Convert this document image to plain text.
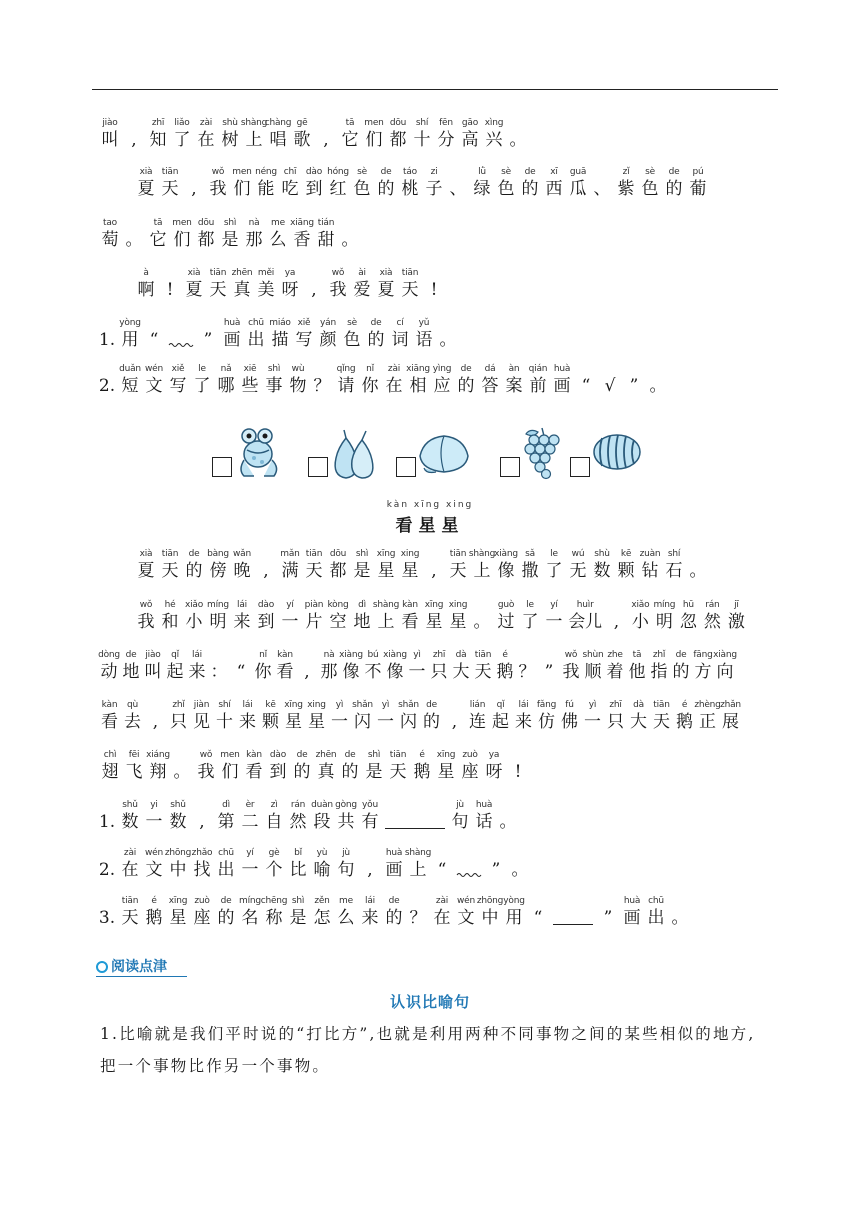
jiào
叫 ,
zhī
知
liǎo
了
zài
在
shù
树
shàng
上
chàng
唱
gē
歌 ,
tā
它
men
们
dōu
都
shí
十
fēn
分
gāo
高
xìng
兴 。
xià
夏
tiān
天 ,
wǒ
我
men
们
néng
能
chī
吃
dào
到
hóng
红
sè
色
de
的
táo
桃
zi
子 、
lǜ
绿
sè
色
de
的
xī
西
guā
瓜 、
zǐ
紫
sè
色
de
的
pú
葡
tao
萄 。
tā
它
men
们
dōu
都
shì
是
nà
那
me
么
xiāng
香
tián
甜 。
à
啊 !
xià
夏
tiān
天
zhēn
真
měi
美
ya
呀 ,
wǒ
我
ài
爱
xià
夏
tiān
天 !
1.
yòng
用 “	”
huà
画
chū
出
miáo
描
xiě
写
yán
颜
sè
色
de
的
cí
词
yǔ
语 。
2.
duǎn
短
wén
文
xiě
写
le
了
nǎ
哪
xiē
些
shì
事
wù
物 ？
qǐng
请
nǐ
你
zài
在
xiāng
相
yìng
应
de
的
dá
答
àn
案
qián
前
huà
画 “ √ ” 。
xià
夏
tiān
天
de
的
bàng
傍
wǎn
晚 ,
mǎn
满
tiān
天
dōu
都
shì
是
xīng
星
xing
星 ,
tiān
天
shàng
上
xiàng
像
sǎ
撒
le
了
wú
无
shù
数
kē
颗
zuàn
钻
shí
石 。
wǒ
我
hé
和
xiǎo
小
míng
明
lái
来
dào
到
yí
一
piàn
片
kòng
空
dì
地
shàng
上
kàn
看
xīng
星
xing
星 。
guò
过
le
了
yí
一
huìr
会儿 ,
xiǎo
小
míng
明
hū
忽
rán
然
jī
激
dòng
动
de
地
jiào
叫
qǐ
起
lái
来 ： “
nǐ
你
kàn
看 ,
nà
那
xiàng
像
bú
不
xiàng
像
yì
一
zhī
只
dà
大
tiān
天
é
鹅 ？ ”
wǒ
我
shùn
顺
zhe
着
tā
他
zhǐ
指
de
的
fāng
方
xiàng
向
kàn
看
qù
去 ,
zhǐ
只
jiàn
见
shí
十
lái
来
kē
颗
xīng
星
xing
星
yì
一
shǎn
闪
yì
一
shǎn
闪
de
的 ,
lián
连
qǐ
起
lái
来
fǎng
仿
fú
佛
yì
一
zhī
只
dà
大
tiān
天
é
鹅
zhèng
正
zhǎn
展
chì
翅
fēi
飞
xiáng
翔 。
wǒ
我
men
们
kàn
看
dào
到
de
的
zhēn
真
de
的
shì
是
tiān
天
é
鹅
xīng
星
zuò
座
ya
呀 !
1.
shǔ
数
yi
一
shǔ
数 ,
dì
第
èr
二
zì
自
rán
然
duàn
段
gòng
共
yǒu
有
jù
句
huà
话 。
2.
zài
在
wén
文
zhōng
中
zhǎo
找
chū
出
yí
一
gè
个
bǐ
比
yù
喻
jù
句 ,
huà
画
shàng
上 “	” 。
3.
tiān
天
é
鹅
xīng
星
zuò
座
de
的
míng
名
chēng
称
shì
是
zěn
怎
me
么
lái
来
de
的 ？
zài
在
wén
文
zhōng
中
yòng
用 “	”
huà
画
chū
出 。
kàn xīng xing
看星星
阅读点津
认识比喻句
1.比喻就是我们平时说的“打比方”,也就是利用两种不同事物之间的某些相似的地方,把一个事物比作另一个事物。
